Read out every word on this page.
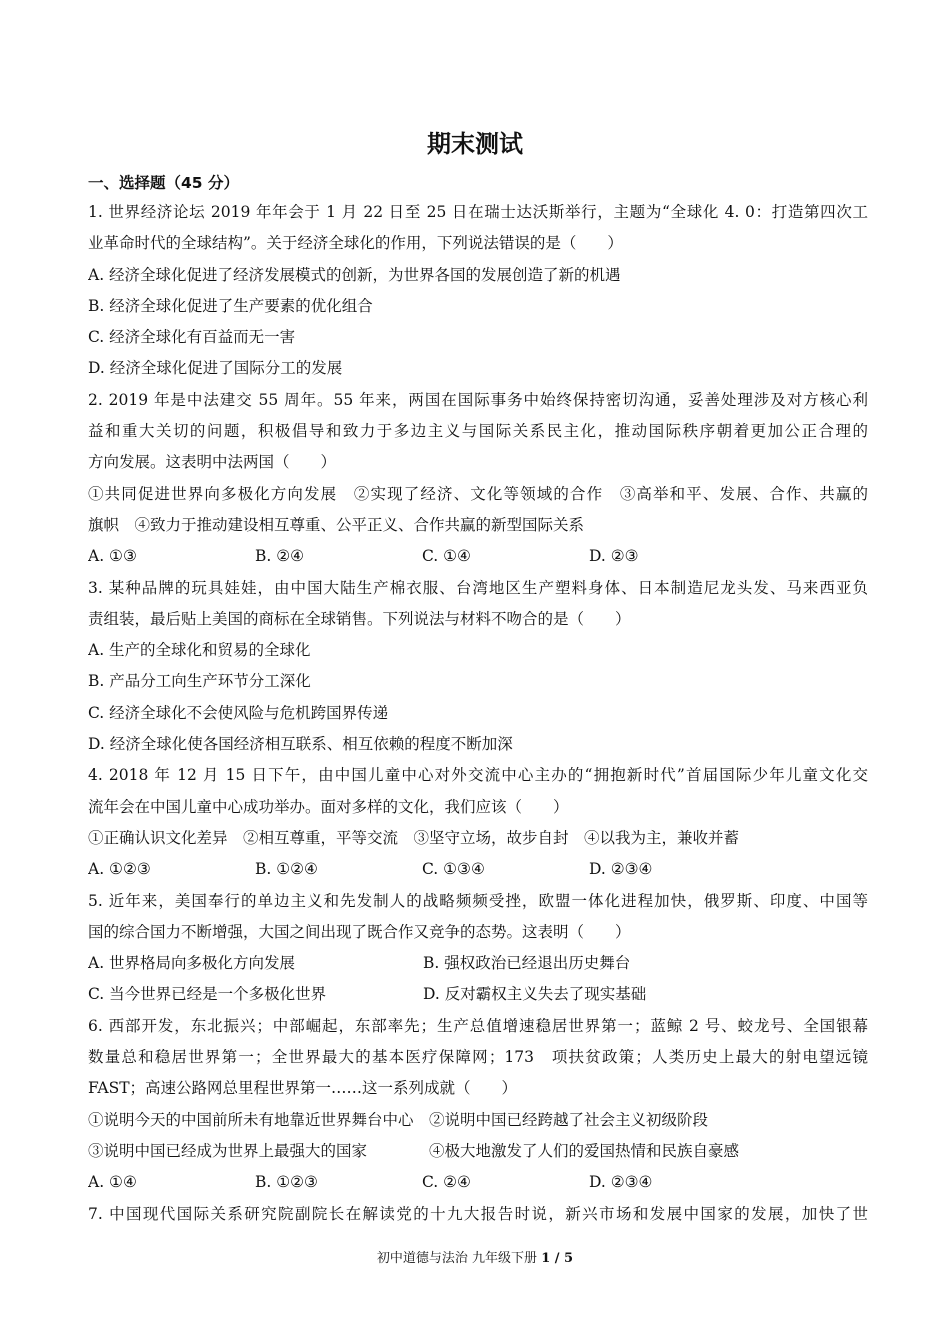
期末测试
一、选择题（45 分）
1. 世界经济论坛 2019 年年会于 1 月 22 日至 25 日在瑞士达沃斯举行，主题为“全球化 4. 0：打造第四次工
业革命时代的全球结构”。关于经济全球化的作用，下列说法错误的是（　　）
A. 经济全球化促进了经济发展模式的创新，为世界各国的发展创造了新的机遇
B. 经济全球化促进了生产要素的优化组合
C. 经济全球化有百益而无一害
D. 经济全球化促进了国际分工的发展
2. 2019 年是中法建交 55 周年。55 年来，两国在国际事务中始终保持密切沟通，妥善处理涉及对方核心利
益和重大关切的问题，积极倡导和致力于多边主义与国际关系民主化，推动国际秩序朝着更加公正合理的
方向发展。这表明中法两国（　　）
①共同促进世界向多极化方向发展　②实现了经济、文化等领域的合作　③高举和平、发展、合作、共赢的
旗帜　④致力于推动建设相互尊重、公平正义、合作共赢的新型国际关系
A. ①③	B. ②④	C. ①④	D. ②③
3. 某种品牌的玩具娃娃，由中国大陆生产棉衣服、台湾地区生产塑料身体、日本制造尼龙头发、马来西亚负
责组装，最后贴上美国的商标在全球销售。下列说法与材料不吻合的是（　　）
A. 生产的全球化和贸易的全球化
B. 产品分工向生产环节分工深化
C. 经济全球化不会使风险与危机跨国界传递
D. 经济全球化使各国经济相互联系、相互依赖的程度不断加深
4. 2018 年 12 月 15 日下午，由中国儿童中心对外交流中心主办的“拥抱新时代”首届国际少年儿童文化交
流年会在中国儿童中心成功举办。面对多样的文化，我们应该（　　）
①正确认识文化差异　②相互尊重，平等交流　③坚守立场，故步自封　④以我为主，兼收并蓄
A. ①②③	B. ①②④	C. ①③④	D. ②③④
5. 近年来，美国奉行的单边主义和先发制人的战略频频受挫，欧盟一体化进程加快，俄罗斯、印度、中国等
国的综合国力不断增强，大国之间出现了既合作又竞争的态势。这表明（　　）
A. 世界格局向多极化方向发展	B. 强权政治已经退出历史舞台
C. 当今世界已经是一个多极化世界	D. 反对霸权主义失去了现实基础
6. 西部开发，东北振兴；中部崛起，东部率先；生产总值增速稳居世界第一；蓝鲸 2 号、蛟龙号、全国银幕
数量总和稳居世界第一；全世界最大的基本医疗保障网；173　项扶贫政策；人类历史上最大的射电望远镜
FAST；高速公路网总里程世界第一……这一系列成就（　　）
①说明今天的中国前所未有地靠近世界舞台中心　②说明中国已经跨越了社会主义初级阶段
③说明中国已经成为世界上最强大的国家　　　　④极大地激发了人们的爱国热情和民族自豪感
A. ①④	B. ①②③	C. ②④	D. ②③④
7. 中国现代国际关系研究院副院长在解读党的十九大报告时说，新兴市场和发展中国家的发展，加快了世
初中道德与法治 九年级下册 1 / 5
